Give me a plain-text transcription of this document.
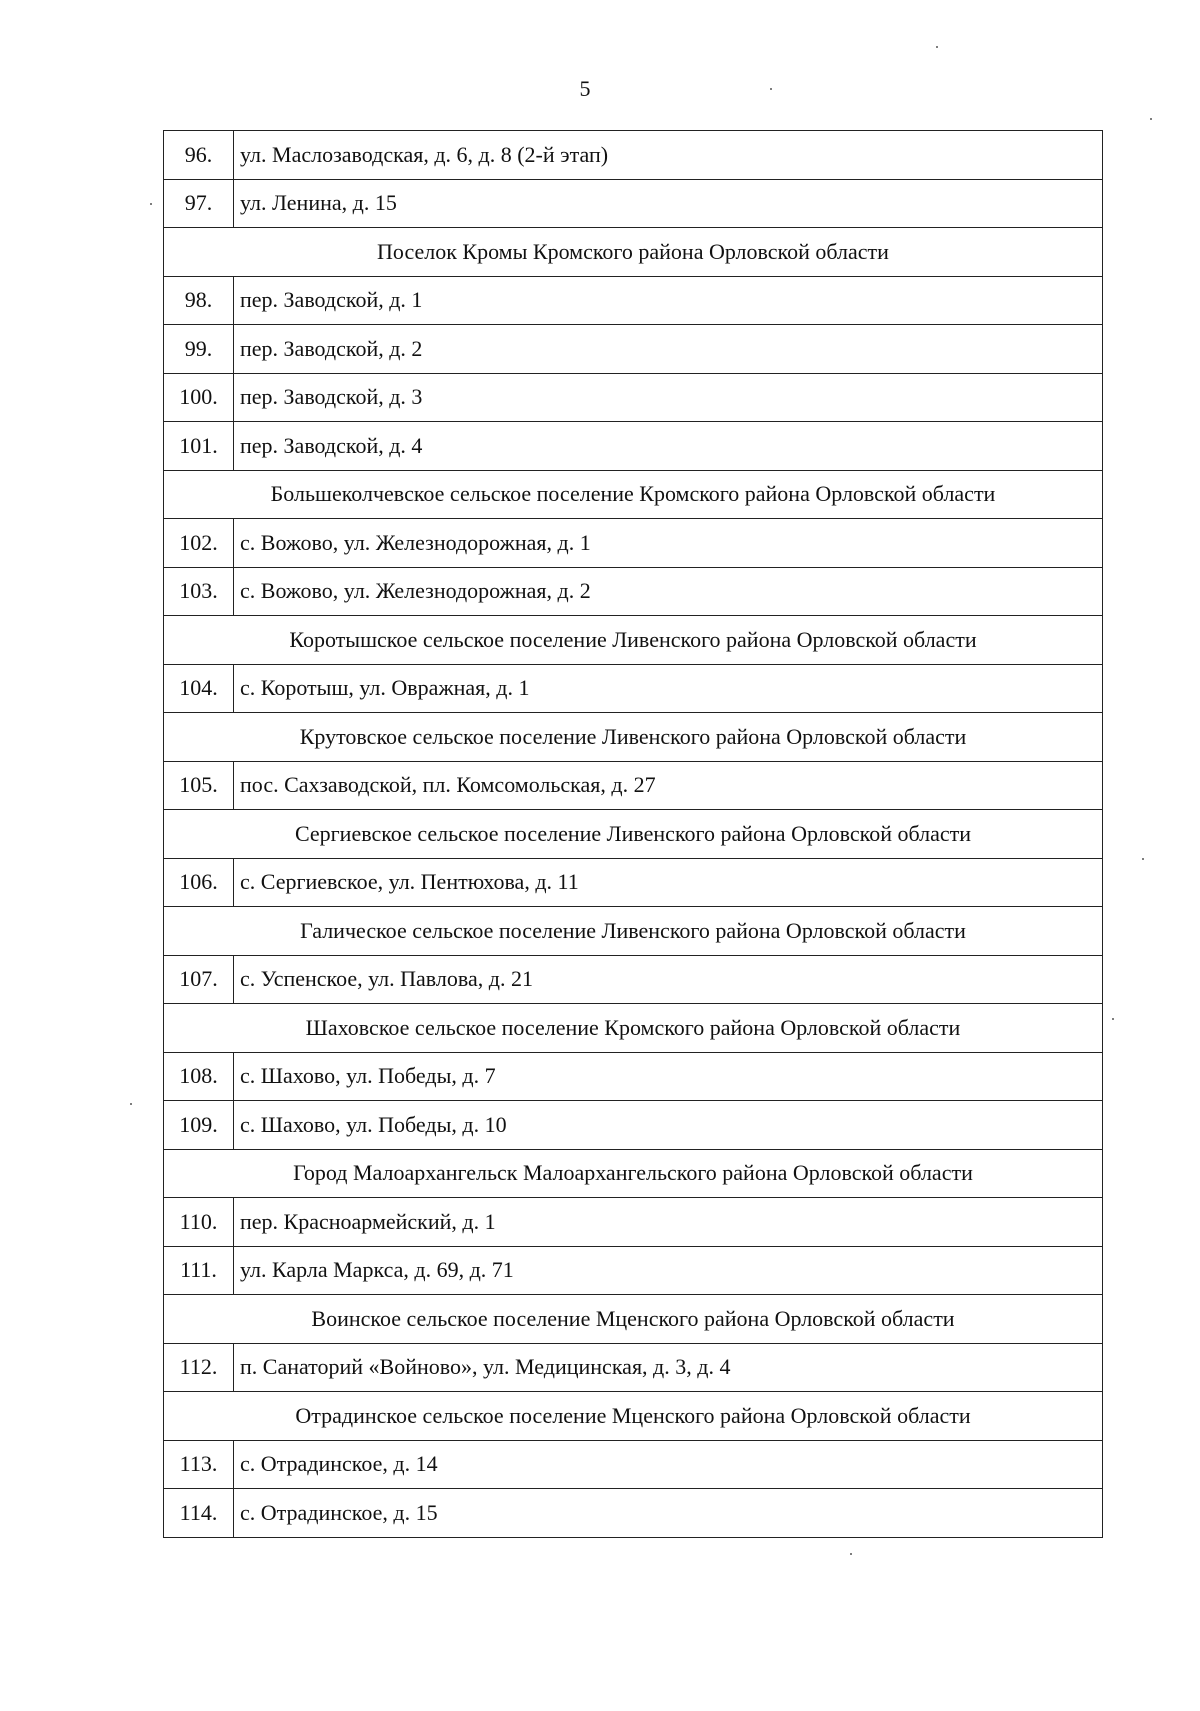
5
96.	ул. Маслозаводская, д. 6, д. 8 (2-й этап)
97.	ул. Ленина, д. 15
Поселок Кромы Кромского района Орловской области	
98.	пер. Заводской, д. 1
99.	пер. Заводской, д. 2
100.	пер. Заводской, д. 3
101.	пер. Заводской, д. 4
Большеколчевское сельское поселение Кромского района Орловской области	
102.	с. Вожово, ул. Железнодорожная, д. 1
103.	с. Вожово, ул. Железнодорожная, д. 2
Коротышское сельское поселение Ливенского района Орловской области	
104.	с. Коротыш, ул. Овражная, д. 1
Крутовское сельское поселение Ливенского района Орловской области	
105.	пос. Сахзаводской, пл. Комсомольская, д. 27
Сергиевское сельское поселение Ливенского района Орловской области	
106.	с. Сергиевское, ул. Пентюхова, д. 11
Галическое сельское поселение Ливенского района Орловской области	
107.	с. Успенское, ул. Павлова, д. 21
Шаховское сельское поселение Кромского района Орловской области	
108.	с. Шахово, ул. Победы, д. 7
109.	с. Шахово, ул. Победы, д. 10
Город Малоархангельск Малоархангельского района Орловской области	
110.	пер. Красноармейский, д. 1
111.	ул. Карла Маркса, д. 69, д. 71
Воинское сельское поселение Мценского района Орловской области	
112.	п. Санаторий «Войново», ул. Медицинская, д. 3, д. 4
Отрадинское сельское поселение Мценского района Орловской области	
113.	с. Отрадинское, д. 14
114.	с. Отрадинское, д. 15
